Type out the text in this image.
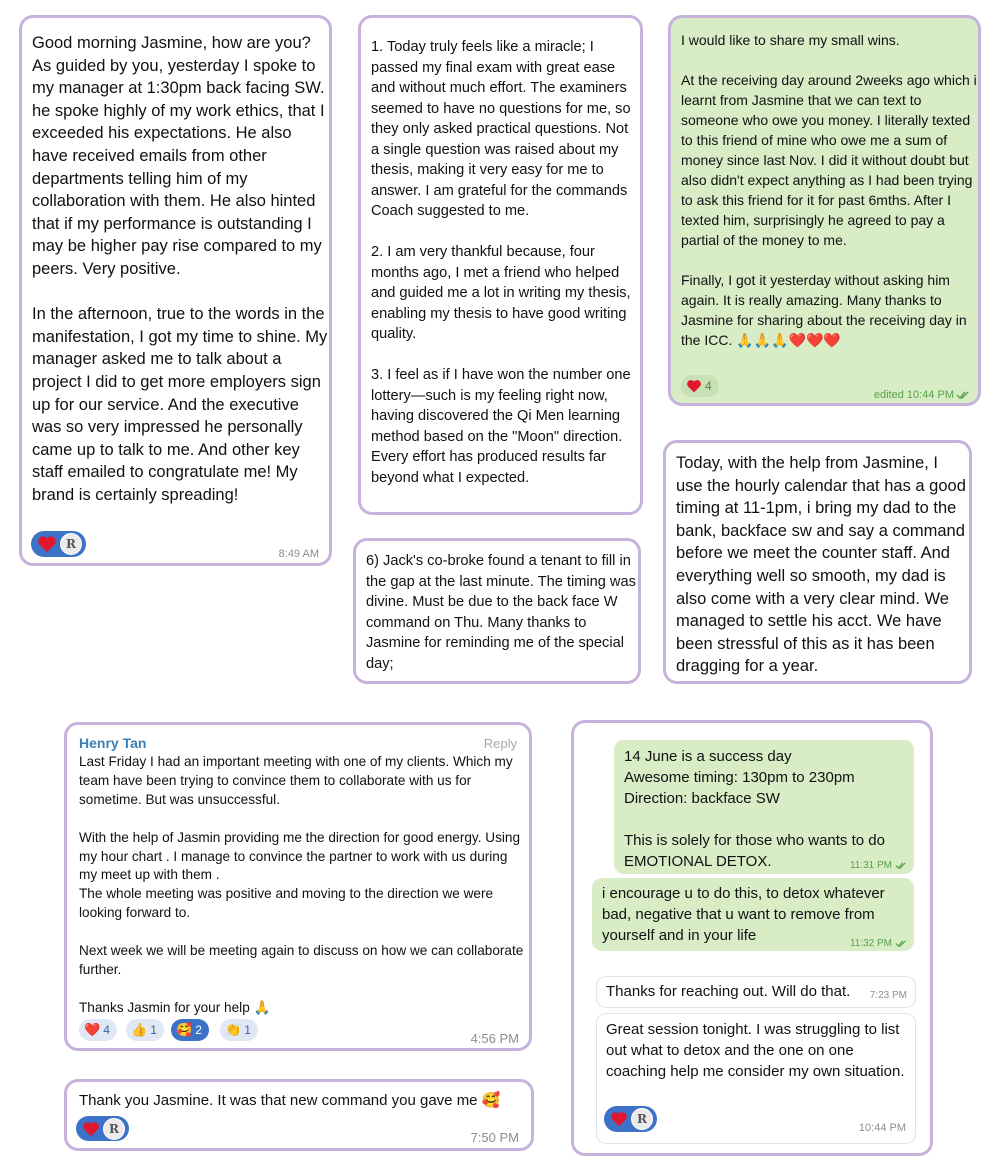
Good morning Jasmine, how are you? As guided by you, yesterday I spoke to my manager at 1:30pm back facing SW. he spoke highly of my work ethics, that I exceeded his expectations. He also have received emails from other departments telling him of my collaboration with them. He also hinted that if my performance is outstanding I may be higher pay rise compared to my peers. Very positive.

In the afternoon, true to the words in the manifestation, I got my time to shine. My manager asked me to talk about a project I did to get more employers sign up for our service. And the executive was so very impressed he personally came up to talk to me. And other key staff emailed to congratulate me! My brand is certainly spreading!
R
8:49 AM
1. Today truly feels like a miracle; I passed my final exam with great ease and without much effort. The examiners seemed to have no questions for me, so they only asked practical questions. Not a single question was raised about my thesis, making it very easy for me to answer. I am grateful for the commands Coach suggested to me.

2. I am very thankful because, four months ago, I met a friend who helped and guided me a lot in writing my thesis, enabling my thesis to have good writing quality.

3. I feel as if I have won the number one lottery—such is my feeling right now, having discovered the Qi Men learning method based on the "Moon" direction. Every effort has produced results far beyond what I expected.
I would like to share my small wins.

At the receiving day around 2weeks ago which i learnt from Jasmine that we can text to someone who owe you money. I literally texted to this friend of mine who owe me a sum of money since last Nov. I did it without doubt but also didn't expect anything as I had been trying to ask this friend for it for past 6mths. After I texted him, surprisingly he agreed to pay a partial of the money to me.

Finally, I got it yesterday without asking him again. It is really amazing. Many thanks to Jasmine for sharing about the receiving day in the ICC. 🙏🙏🙏❤️❤️❤️
4
edited 10:44 PM
6) Jack's co-broke found a tenant to fill in the gap at the last minute. The timing was divine. Must be due to the back face W command on Thu. Many thanks to Jasmine for reminding me of the special day;
Today, with the help from Jasmine, I use the hourly calendar that has a good timing at 11-1pm, i bring my dad to the bank, backface sw and say a command before we meet the counter staff. And everything well so smooth, my dad is also come with a very clear mind. We managed to settle his acct. We have been stressful of this as it has been dragging for a year.
Henry Tan	Reply
Last Friday I had an important meeting with one of my clients. Which my team have been trying to convince them to collaborate with us for sometime. But was unsuccessful.

With the help of Jasmin providing me the direction for good energy. Using my hour chart . I manage to convince the partner to work with us during my meet up with them .
The whole meeting was positive and moving to the direction we were looking forward to.

Next week we will be meeting again to discuss on how we can collaborate further.

Thanks Jasmin for your help 🙏
❤️ 4 👍 1 🥰 2 👏 1
4:56 PM
Thank you Jasmine. It was that new command you gave me 🥰
R
7:50 PM
14 June is a success day
Awesome timing: 130pm to 230pm
Direction: backface SW

This is solely for those who wants to do EMOTIONAL DETOX.	11:31 PM
i encourage u to do this, to detox whatever bad, negative that u want to remove from yourself and in your life	11:32 PM
Thanks for reaching out. Will do that. 7:23 PM
Great session tonight. I was struggling to list out what to detox and the one on one coaching help me consider my own situation.
R
10:44 PM
